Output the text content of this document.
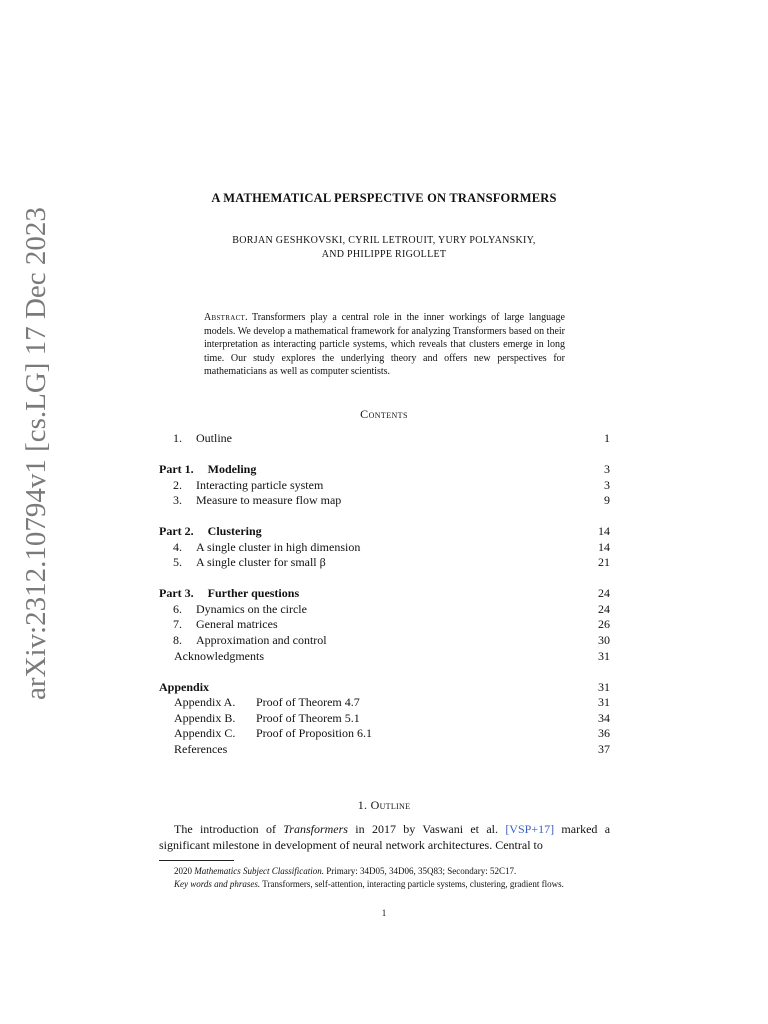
arXiv:2312.10794v1 [cs.LG] 17 Dec 2023
A MATHEMATICAL PERSPECTIVE ON TRANSFORMERS
BORJAN GESHKOVSKI, CYRIL LETROUIT, YURY POLYANSKIY,
AND PHILIPPE RIGOLLET
Abstract. Transformers play a central role in the inner workings of large language models. We develop a mathematical framework for analyzing Transformers based on their interpretation as interacting particle systems, which reveals that clusters emerge in long time. Our study explores the underlying theory and offers new perspectives for mathematicians as well as computer scientists.
Contents
1. Outline	1
Part 1. Modeling	3
2. Interacting particle system	3
3. Measure to measure flow map	9
Part 2. Clustering	14
4. A single cluster in high dimension	14
5. A single cluster for small β	21
Part 3. Further questions	24
6. Dynamics on the circle	24
7. General matrices	26
8. Approximation and control	30
Acknowledgments	31
Appendix	31
Appendix A. Proof of Theorem 4.7	31
Appendix B. Proof of Theorem 5.1	34
Appendix C. Proof of Proposition 6.1	36
References	37
1. Outline
The introduction of Transformers in 2017 by Vaswani et al. [VSP+17] marked a significant milestone in development of neural network architectures. Central to
2020 Mathematics Subject Classification. Primary: 34D05, 34D06, 35Q83; Secondary: 52C17.
Key words and phrases. Transformers, self-attention, interacting particle systems, clustering, gradient flows.
1
